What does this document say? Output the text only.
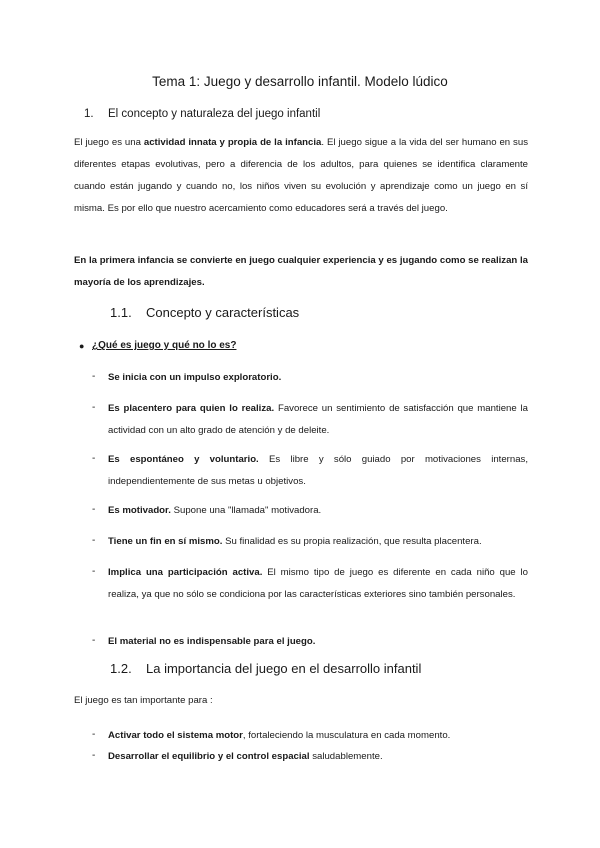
Tema 1: Juego y desarrollo infantil. Modelo lúdico
1. El concepto y naturaleza del juego infantil

El juego es una actividad innata y propia de la infancia. El juego sigue a la vida del ser humano en sus diferentes etapas evolutivas, pero a diferencia de los adultos, para quienes se identifica claramente cuando están jugando y cuando no, los niños viven su evolución y aprendizaje como un juego en sí misma. Es por ello que nuestro acercamiento como educadores será a través del juego.

En la primera infancia se convierte en juego cualquier experiencia y es jugando como se realizan la mayoría de los aprendizajes.

1.1. Concepto y características
● ¿Qué es juego y qué no lo es?
- Se inicia con un impulso exploratorio.

- Es placentero para quien lo realiza. Favorece un sentimiento de satisfacción que mantiene la actividad con un alto grado de atención y de deleite.

- Es espontáneo y voluntario. Es libre y sólo guiado por motivaciones internas, independientemente de sus metas u objetivos.

- Es motivador. Supone una "llamada" motivadora.

- Tiene un fin en sí mismo. Su finalidad es su propia realización, que resulta placentera.

- Implica una participación activa. El mismo tipo de juego es diferente en cada niño que lo realiza, ya que no sólo se condiciona por las características exteriores sino también personales.

- El material no es indispensable para el juego.

1.2. La importancia del juego en el desarrollo infantil

El juego es tan importante para :

- Activar todo el sistema motor, fortaleciendo la musculatura en cada momento.

- Desarrollar el equilibrio y el control espacial saludablemente.
